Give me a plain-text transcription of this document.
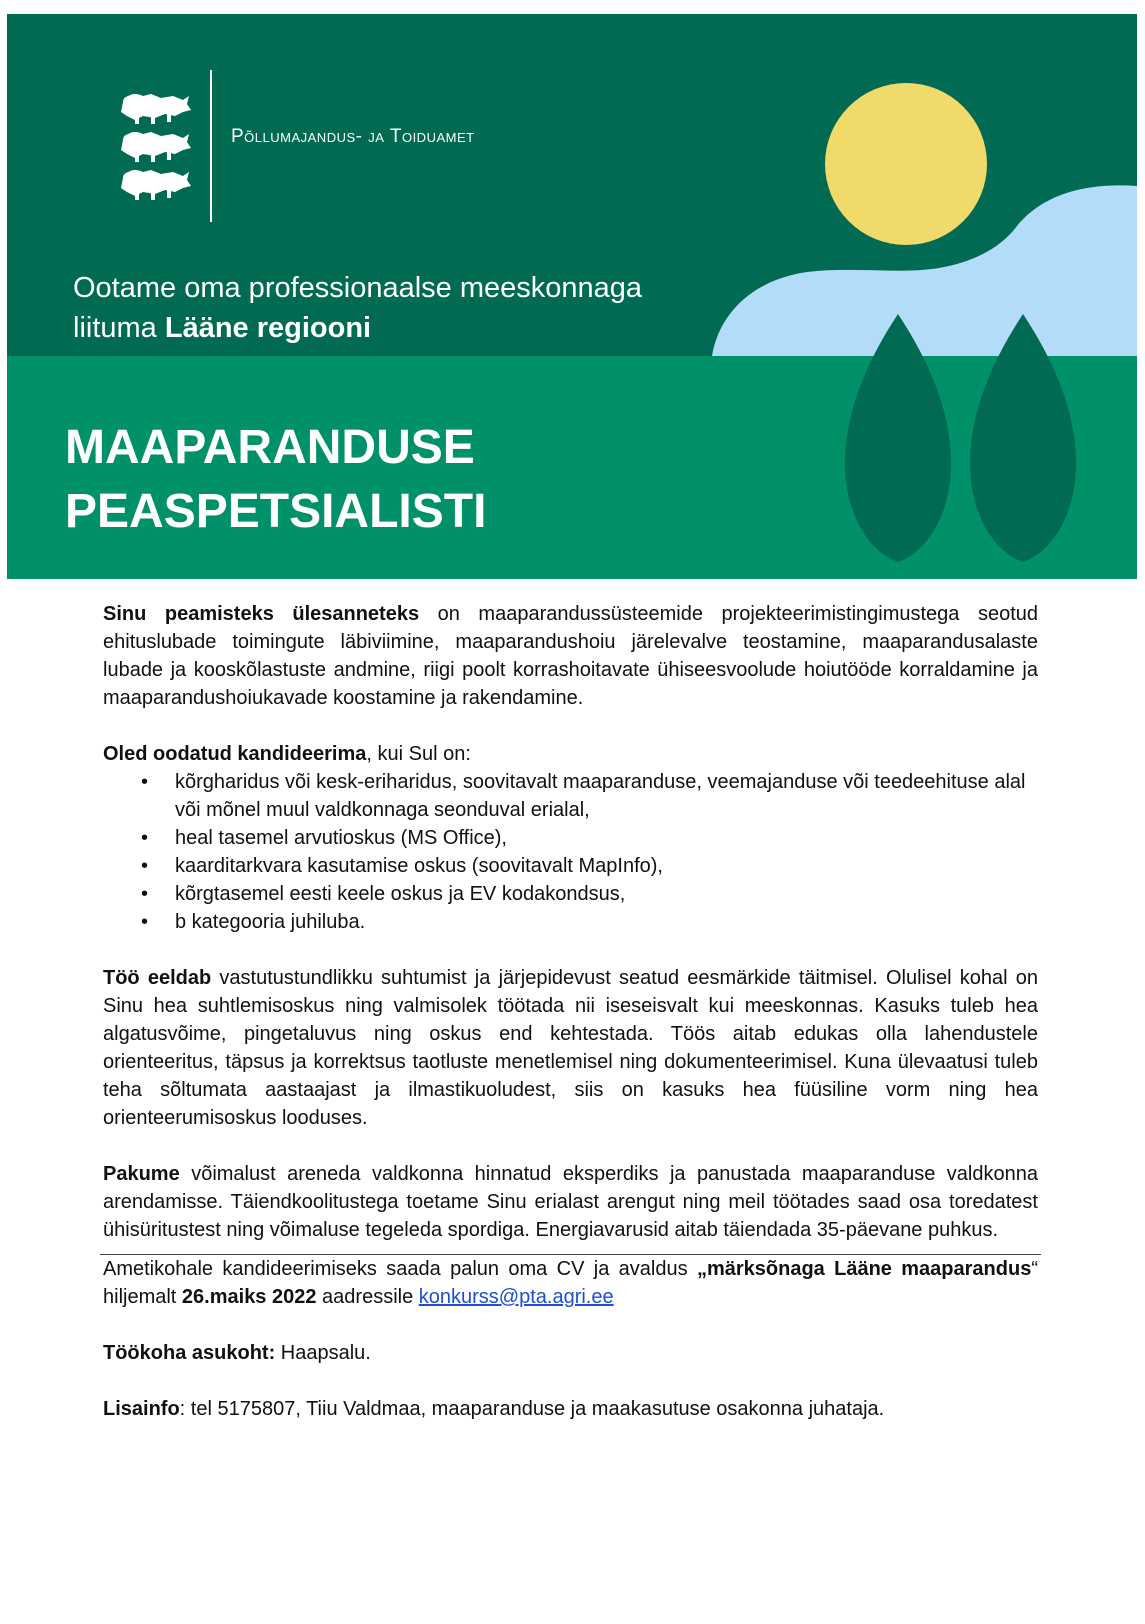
Põllumajandus- ja Toiduamet
Ootame oma professionaalse meeskonnaga
liituma Lääne regiooni
MAAPARANDUSE
PEASPETSIALISTI

Sinu peamisteks ülesanneteks on maaparandussüsteemide projekteerimistingimustega seotud ehituslubade toimingute läbiviimine, maaparandushoiu järelevalve teostamine, maaparandusalaste lubade ja kooskõlastuste andmine, riigi poolt korrashoitavate ühiseesvoolude hoiutööde korraldamine ja maaparandushoiukavade koostamine ja rakendamine.

Oled oodatud kandideerima, kui Sul on:

• kõrgharidus või kesk-eriharidus, soovitavalt maaparanduse, veemajanduse või teedeehituse alal või mõnel muul valdkonnaga seonduval erialal,
• heal tasemel arvutioskus (MS Office),
• kaarditarkvara kasutamise oskus (soovitavalt MapInfo),
• kõrgtasemel eesti keele oskus ja EV kodakondsus,
• b kategooria juhiluba.

Töö eeldab vastutustundlikku suhtumist ja järjepidevust seatud eesmärkide täitmisel. Olulisel kohal on Sinu hea suhtlemisoskus ning valmisolek töötada nii iseseisvalt kui meeskonnas. Kasuks tuleb hea algatusvõime, pingetaluvus ning oskus end kehtestada. Töös aitab edukas olla lahendustele orienteeritus, täpsus ja korrektsus taotluste menetlemisel ning dokumenteerimisel. Kuna ülevaatusi tuleb teha sõltumata aastaajast ja ilmastikuoludest, siis on kasuks hea füüsiline vorm ning hea orienteerumisoskus looduses.

Pakume võimalust areneda valdkonna hinnatud eksperdiks ja panustada maaparanduse valdkonna arendamisse. Täiendkoolitustega toetame Sinu erialast arengut ning meil töötades saad osa toredatest ühisüritustest ning võimaluse tegeleda spordiga. Energiavarusid aitab täiendada 35-päevane puhkus.

Ametikohale kandideerimiseks saada palun oma CV ja avaldus „märksõnaga Lääne maaparandus“ hiljemalt 26.maiks 2022 aadressile konkurss@pta.agri.ee

Töökoha asukoht: Haapsalu.

Lisainfo: tel 5175807, Tiiu Valdmaa, maaparanduse ja maakasutuse osakonna juhataja.
